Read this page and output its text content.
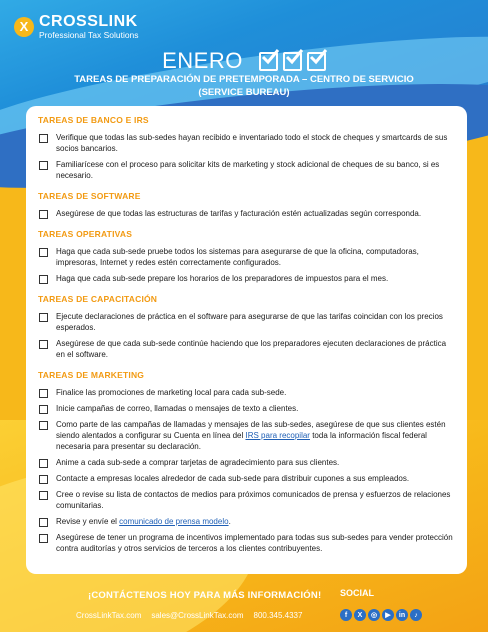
X CROSSLINK
Professional Tax Solutions
ENERO
TAREAS DE PREPARACIÓN DE PRETEMPORADA – CENTRO DE SERVICIO
(SERVICE BUREAU)
TAREAS DE BANCO E IRS
Verifique que todas las sub-sedes hayan recibido e inventariado todo el stock de cheques y smartcards de sus socios bancarios.
Familiarícese con el proceso para solicitar kits de marketing y stock adicional de cheques de su banco, si es necesario.
TAREAS DE SOFTWARE
Asegúrese de que todas las estructuras de tarifas y facturación estén actualizadas según corresponda.
TAREAS OPERATIVAS
Haga que cada sub-sede pruebe todos los sistemas para asegurarse de que la oficina, computadoras, impresoras, Internet y redes estén correctamente configurados.
Haga que cada sub-sede prepare los horarios de los preparadores de impuestos para el mes.
TAREAS DE CAPACITACIÓN
Ejecute declaraciones de práctica en el software para asegurarse de que las tarifas coincidan con los precios esperados.
Asegúrese de que cada sub-sede continúe haciendo que los preparadores ejecuten declaraciones de práctica en el software.
TAREAS DE MARKETING
Finalice las promociones de marketing local para cada sub-sede.
Inicie campañas de correo, llamadas o mensajes de texto a clientes.
Como parte de las campañas de llamadas y mensajes de las sub-sedes, asegúrese de que sus clientes estén siendo alentados a configurar su Cuenta en línea del IRS para recopilar toda la información fiscal federal necesaria para presentar su declaración.
Anime a cada sub-sede a comprar tarjetas de agradecimiento para sus clientes.
Contacte a empresas locales alrededor de cada sub-sede para distribuir cupones a sus empleados.
Cree o revise su lista de contactos de medios para próximos comunicados de prensa y esfuerzos de relaciones comunitarias.
Revise y envíe el comunicado de prensa modelo.
Asegúrese de tener un programa de incentivos implementado para todas sus sub-sedes para vender protección contra auditorías y otros servicios de terceros a los clientes contribuyentes.
¡CONTÁCTENOS HOY PARA MÁS INFORMACIÓN!
CrossLinkTax.com sales@CrossLinkTax.com 800.345.4337
SOCIAL
f	X	◎	▶	in	♪
